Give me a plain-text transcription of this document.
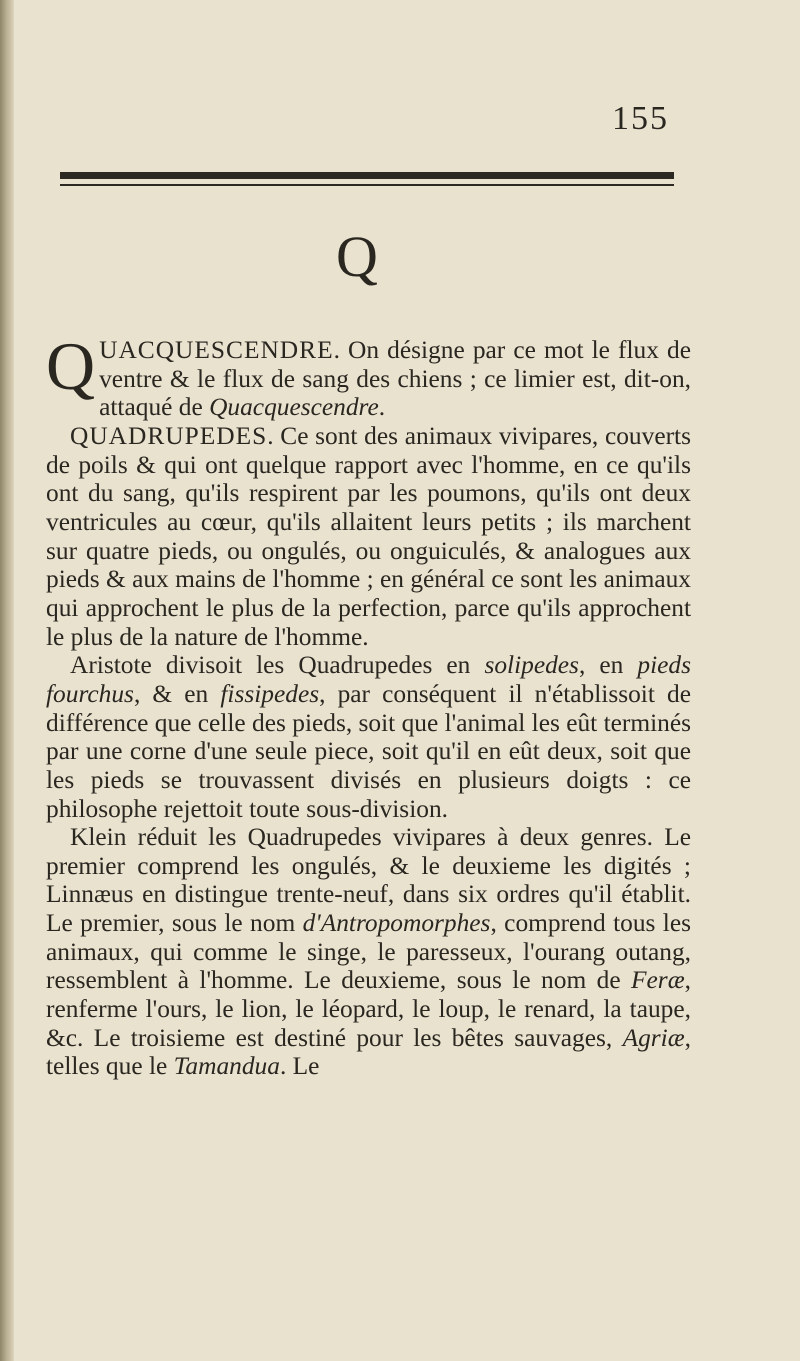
155
Q

QUACQUESCENDRE. On désigne par ce mot le flux de ventre & le flux de sang des chiens ; ce limier est, dit-on, attaqué de Quacquescendre.

QUADRUPEDES. Ce sont des animaux vivipares, couverts de poils & qui ont quelque rapport avec l'homme, en ce qu'ils ont du sang, qu'ils respirent par les poumons, qu'ils ont deux ventricules au cœur, qu'ils allaitent leurs petits ; ils marchent sur quatre pieds, ou ongulés, ou onguiculés, & analogues aux pieds & aux mains de l'homme ; en général ce sont les animaux qui approchent le plus de la perfection, parce qu'ils approchent le plus de la nature de l'homme.

Aristote divisoit les Quadrupedes en solipedes, en pieds fourchus, & en fissipedes, par conséquent il n'établissoit de différence que celle des pieds, soit que l'animal les eût terminés par une corne d'une seule piece, soit qu'il en eût deux, soit que les pieds se trouvassent divisés en plusieurs doigts : ce philosophe rejettoit toute sous-division.

Klein réduit les Quadrupedes vivipares à deux genres. Le premier comprend les ongulés, & le deuxieme les digités ; Linnæus en distingue trente-neuf, dans six ordres qu'il établit. Le premier, sous le nom d'Antropomorphes, comprend tous les animaux, qui comme le singe, le paresseux, l'ourang outang, ressemblent à l'homme. Le deuxieme, sous le nom de Feræ, renferme l'ours, le lion, le léopard, le loup, le renard, la taupe, &c. Le troisieme est destiné pour les bêtes sauvages, Agriæ, telles que le Tamandua. Le
